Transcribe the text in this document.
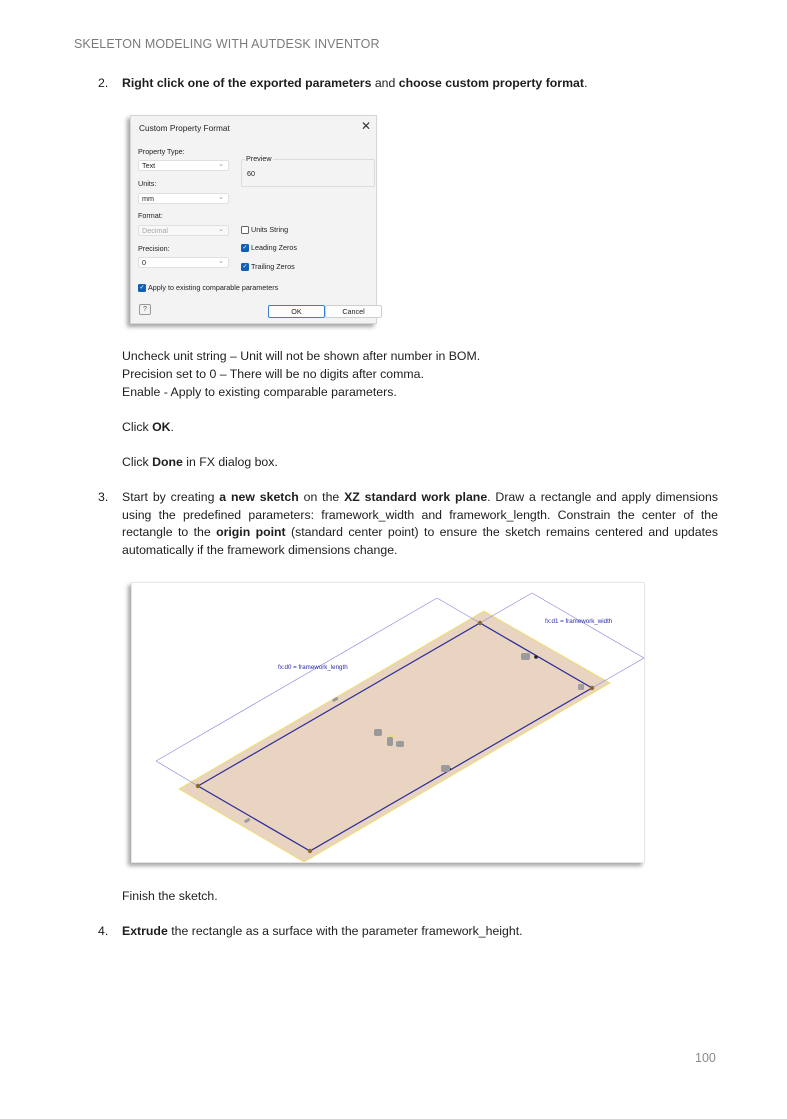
SKELETON MODELING WITH AUTDESK INVENTOR
2. Right click one of the exported parameters and choose custom property format.
Custom Property Format	✕
Property Type:
Text	⌄
Preview
60
Units:
mm	⌄
Format:
Decimal	⌄
Precision:
0	⌄
Units String
✓ Leading Zeros
✓ Trailing Zeros
✓ Apply to existing comparable parameters
?	OK	Cancel
Uncheck unit string – Unit will not be shown after number in BOM.
Precision set to 0 – There will be no digits after comma.
Enable - Apply to existing comparable parameters.
Click OK.
Click Done in FX dialog box.
3. Start by creating a new sketch on the XZ standard work plane. Draw a rectangle and apply dimensions using the predefined parameters: framework_width and framework_length. Constrain the center of the rectangle to the origin point (standard center point) to ensure the sketch remains centered and updates automatically if the framework dimensions change.
fx:d0 = framework_length
fx:d1 = framework_width
Finish the sketch.
4. Extrude the rectangle as a surface with the parameter framework_height.
100
